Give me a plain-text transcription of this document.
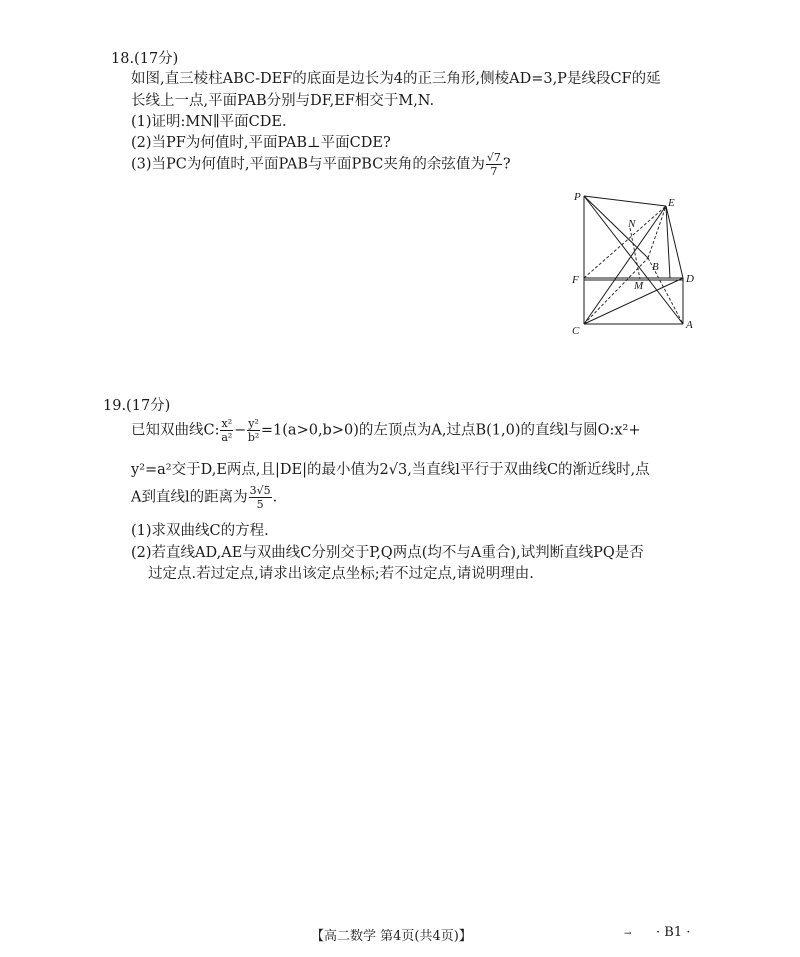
18.(17分)
如图,直三棱柱ABC-DEF的底面是边长为4的正三角形,侧棱AD=3,P是线段CF的延
长线上一点,平面PAB分别与DF,EF相交于M,N.
(1)证明:MN∥平面CDE.
(2)当PF为何值时,平面PAB⊥平面CDE?
(3)当PC为何值时,平面PAB与平面PBC夹角的余弦值为 $\frac{√7}{7}$ ?
P	E
N
B
F	D
M
C	A
19.(17分)
已知双曲线C: $\frac{\text{x²}}{\text{a²}} - \frac{\text{y²}}{\text{b²}} =1(a>0,b>0)$的左顶点为A,过点B(1,0)的直线l与圆O:x²+
y²=a²交于D,E两点,且|DE|的最小值为2√3,当直线l平行于双曲线C的渐近线时,点
A到直线l的距离为 $\frac{3√5}{5}$ .
(1)求双曲线C的方程.
(2)若直线AD,AE与双曲线C分别交于P,Q两点(均不与A重合),试判断直线PQ是否
过定点.若过定点,请求出该定点坐标;若不过定点,请说明理由.
【高二数学 第4页(共4页)】	→ · B1 ·
